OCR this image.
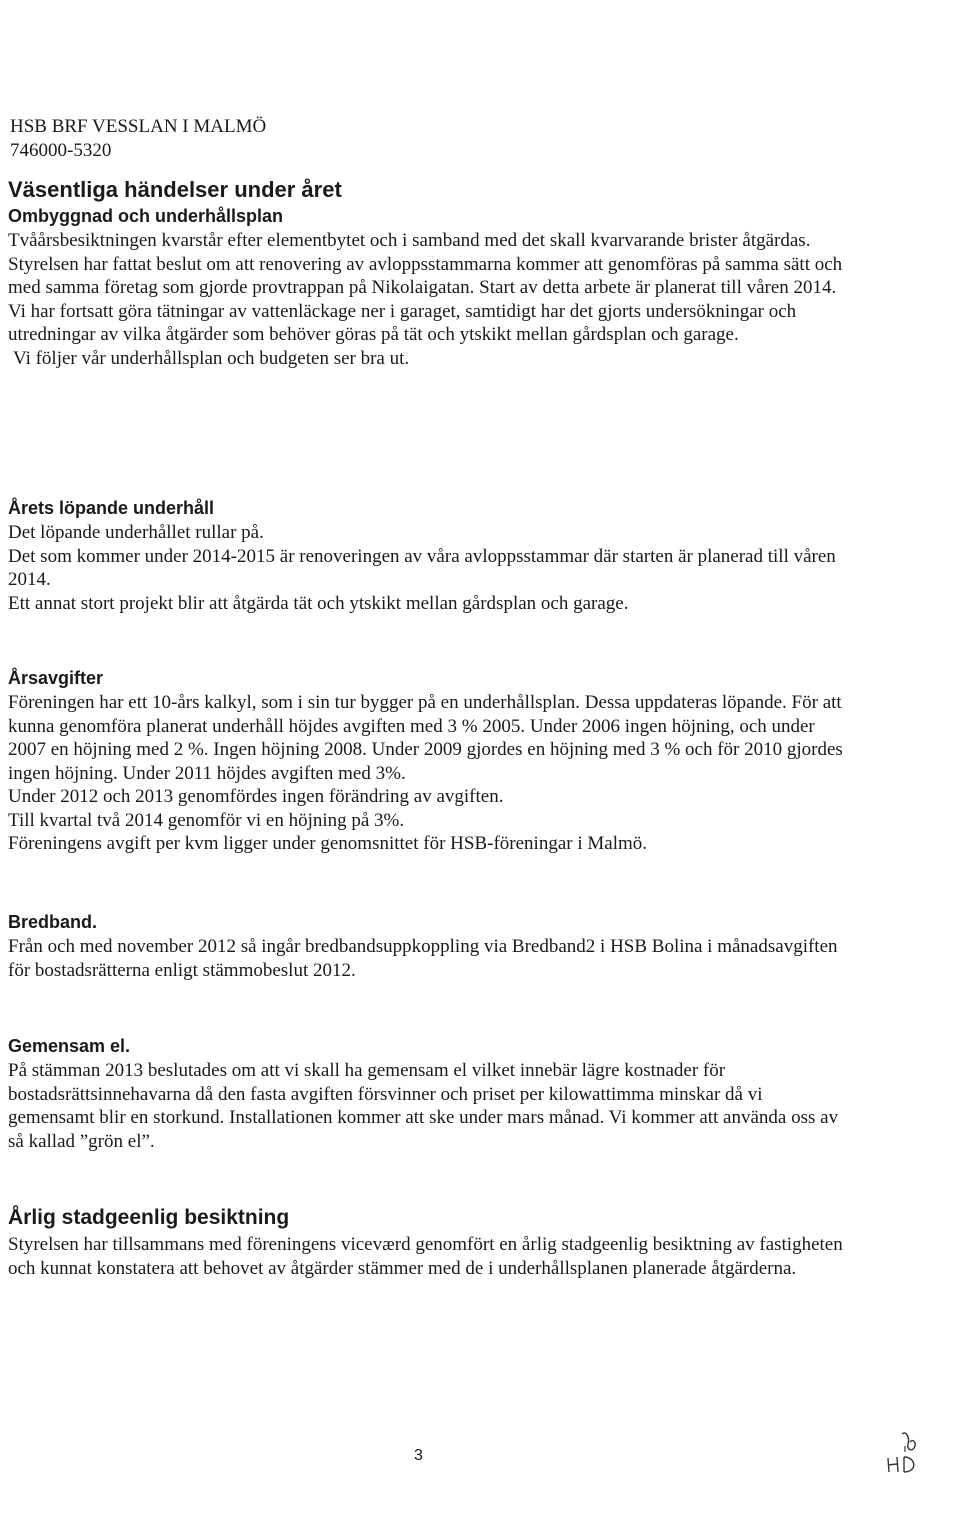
HSB BRF VESSLAN I MALMÖ
746000-5320
Väsentliga händelser under året
Ombyggnad och underhållsplan

Tvåårsbesiktningen kvarstår efter elementbytet och i samband med det skall kvarvarande brister åtgärdas.

Styrelsen har fattat beslut om att renovering av avloppsstammarna kommer att genomföras på samma sätt och med samma företag som gjorde provtrappan på Nikolaigatan. Start av detta arbete är planerat till våren 2014.

Vi har fortsatt göra tätningar av vattenläckage ner i garaget, samtidigt har det gjorts undersökningar och utredningar av vilka åtgärder som behöver göras på tät och ytskikt mellan gårdsplan och garage.

Vi följer vår underhållsplan och budgeten ser bra ut.

Årets löpande underhåll

Det löpande underhållet rullar på.

Det som kommer under 2014-2015 är renoveringen av våra avloppsstammar där starten är planerad till våren 2014.

Ett annat stort projekt blir att åtgärda tät och ytskikt mellan gårdsplan och garage.

Årsavgifter

Föreningen har ett 10-års kalkyl, som i sin tur bygger på en underhållsplan. Dessa uppdateras löpande. För att kunna genomföra planerat underhåll höjdes avgiften med 3 % 2005. Under 2006 ingen höjning, och under 2007 en höjning med 2 %. Ingen höjning 2008. Under 2009 gjordes en höjning med 3 % och för 2010 gjordes ingen höjning. Under 2011 höjdes avgiften med 3%.

Under 2012 och 2013 genomfördes ingen förändring av avgiften.

Till kvartal två 2014 genomför vi en höjning på 3%.

Föreningens avgift per kvm ligger under genomsnittet för HSB-föreningar i Malmö.

Bredband.

Från och med november 2012 så ingår bredbandsuppkoppling via Bredband2 i HSB Bolina i månadsavgiften för bostadsrätterna enligt stämmobeslut 2012.

Gemensam el.

På stämman 2013 beslutades om att vi skall ha gemensam el vilket innebär lägre kostnader för bostadsrättsinnehavarna då den fasta avgiften försvinner och priset per kilowattimma minskar då vi gemensamt blir en storkund. Installationen kommer att ske under mars månad. Vi kommer att använda oss av så kallad ”grön el”.

Årlig stadgeenlig besiktning

Styrelsen har tillsammans med föreningens viceværd genomfört en årlig stadgeenlig besiktning av fastigheten och kunnat konstatera att behovet av åtgärder stämmer med de i underhållsplanen planerade åtgärderna.

3
